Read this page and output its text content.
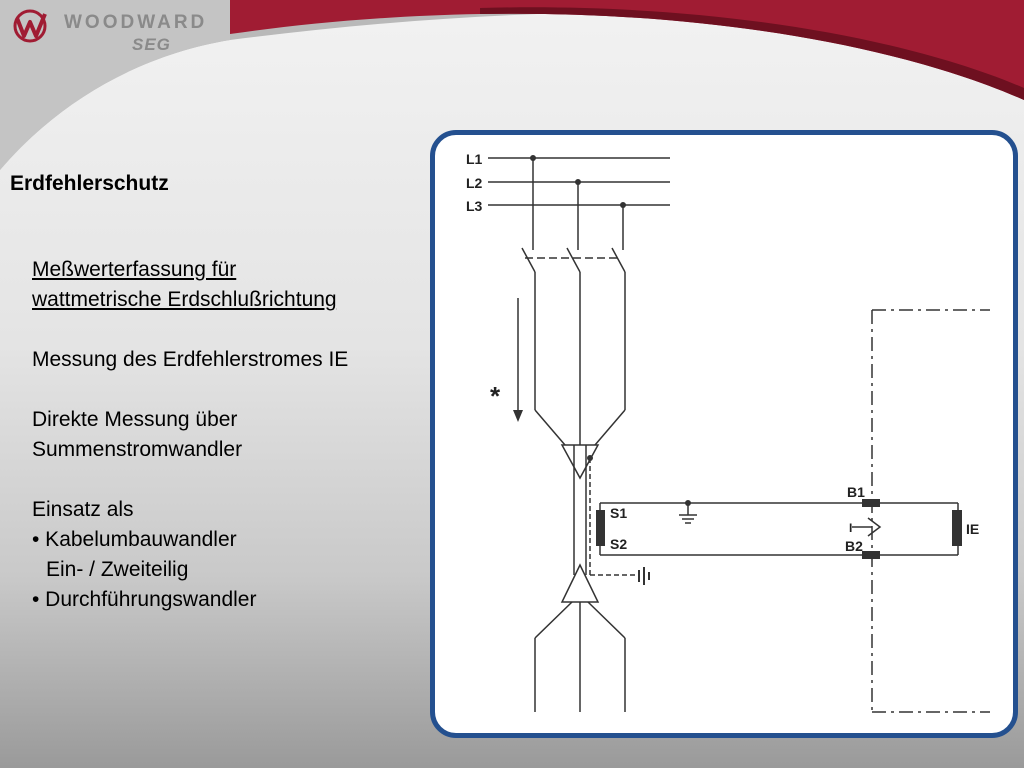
WOODWARD
SEG
Erdfehlerschutz
Meßwerterfassung für
wattmetrische Erdschlußrichtung
Messung des Erdfehlerstromes IE
Direkte Messung über
Summenstromwandler
Einsatz als
• Kabelumbauwandler
Ein- / Zweiteilig
• Durchführungswandler
L1
L2
L3
*
S1
S2
B1
B2
I	IE
